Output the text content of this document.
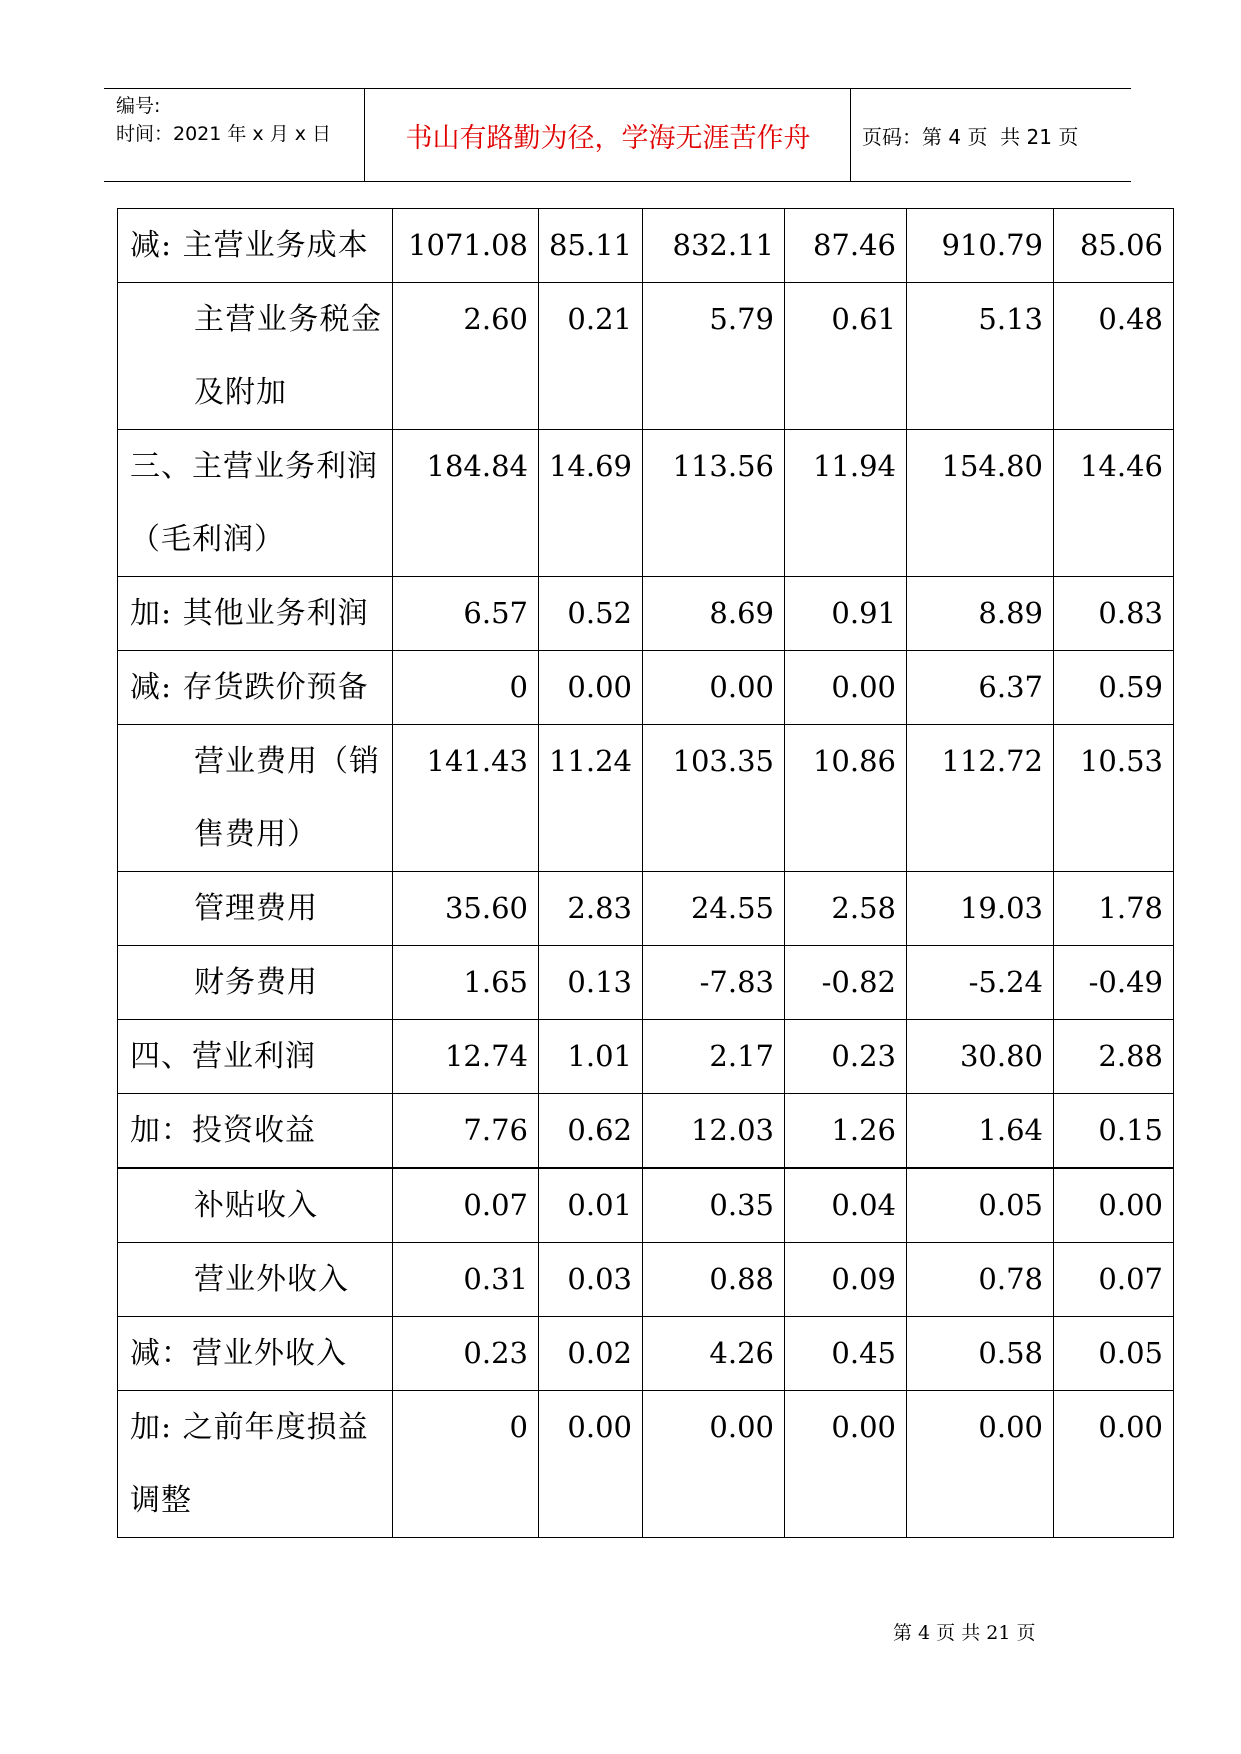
编号:
时间：2021 年 x 月 x 日	书山有路勤为径，学海无涯苦作舟	页码：第 4 页  共 21 页
减: 主营业务成本	1071.08	85.11	832.11	87.46	910.79	85.06
主营业务税金及附加	2.60	0.21	5.79	0.61	5.13	0.48
三、主营业务利润（毛利润）	184.84	14.69	113.56	11.94	154.80	14.46
加: 其他业务利润	6.57	0.52	8.69	0.91	8.89	0.83
减: 存货跌价预备	0	0.00	0.00	0.00	6.37	0.59
营业费用（销售费用）	141.43	11.24	103.35	10.86	112.72	10.53
管理费用	35.60	2.83	24.55	2.58	19.03	1.78
财务费用	1.65	0.13	-7.83	-0.82	-5.24	-0.49
四、营业利润	12.74	1.01	2.17	0.23	30.80	2.88
加：投资收益	7.76	0.62	12.03	1.26	1.64	0.15
补贴收入	0.07	0.01	0.35	0.04	0.05	0.00
营业外收入	0.31	0.03	0.88	0.09	0.78	0.07
减：营业外收入	0.23	0.02	4.26	0.45	0.58	0.05
加: 之前年度损益调整	0	0.00	0.00	0.00	0.00	0.00
第 4 页 共 21 页
